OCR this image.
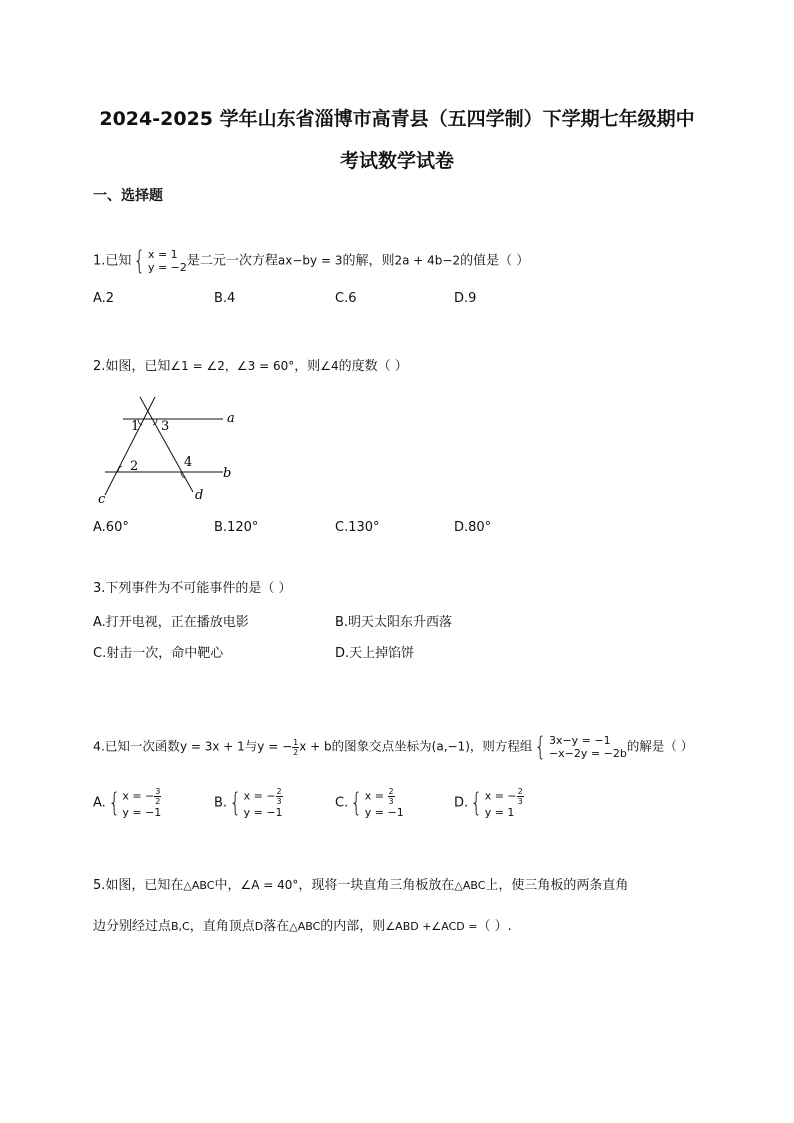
2024-2025 学年山东省淄博市高青县（五四学制）下学期七年级期中
考试数学试卷
一、选择题
1.已知{ x = 1
y = −2是二元一次方程ax−by = 3的解，则2a + 4b−2的值是（ ）
A.2	B.4	C.6	D.9
2.如图，已知∠1 = ∠2，∠3 = 60°，则∠4的度数（ ）
1 3
2	4
a
b
c	d
A.60°	B.120°	C.130°	D.80°
3.下列事件为不可能事件的是（ ）
A.打开电视，正在播放电影	B.明天太阳东升西落
C.射击一次，命中靶心	D.天上掉馅饼
4.已知一次函数y = 3x + 1与y = − $\frac{1}{2}$ x + b的图象交点坐标为(a,−1)，则方程组{ 3x−y = −1
−x−2y = −2b的解是（ ）
A.{ x = − $\frac{3}{2}$

y = −1
B.{ x = − $\frac{2}{3}$

y = −1
C.{ $x = \frac{2}{3}$

y = −1
D.{ x = − $\frac{2}{3}$

y = 1
5.如图，已知在△ABC中，∠A = 40°，现将一块直角三角板放在△ABC上，使三角板的两条直角
边分别经过点B,C，直角顶点D落在△ABC的内部，则∠ABD +∠ACD =（ ）.
